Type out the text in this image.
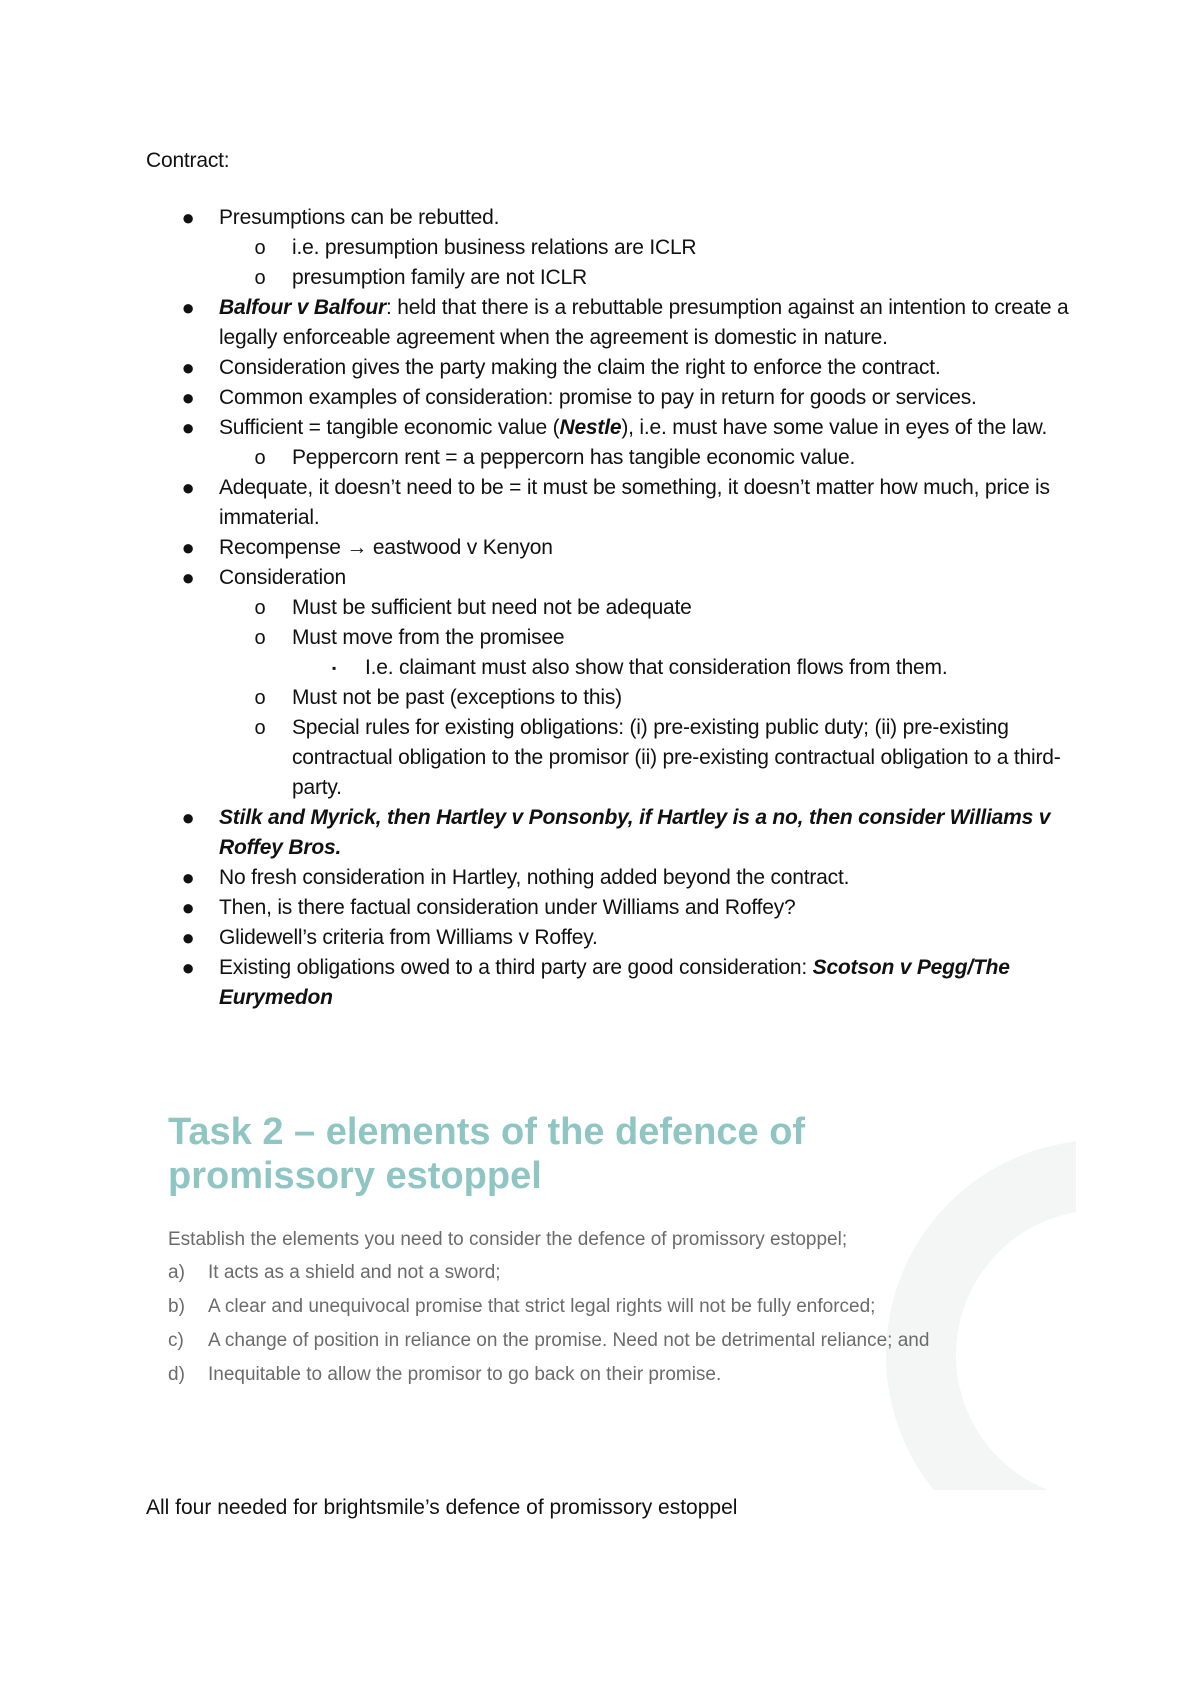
Contract:
● Presumptions can be rebutted.
o i.e. presumption business relations are ICLR
o presumption family are not ICLR
● Balfour v Balfour: held that there is a rebuttable presumption against an intention to create a legally enforceable agreement when the agreement is domestic in nature.
● Consideration gives the party making the claim the right to enforce the contract.
● Common examples of consideration: promise to pay in return for goods or services.
● Sufficient = tangible economic value (Nestle), i.e. must have some value in eyes of the law.
o Peppercorn rent = a peppercorn has tangible economic value.
● Adequate, it doesn’t need to be = it must be something, it doesn’t matter how much, price is immaterial.
● Recompense → eastwood v Kenyon
● Consideration
o Must be sufficient but need not be adequate
o Must move from the promisee
▪	I.e. claimant must also show that consideration flows from them.
o Must not be past (exceptions to this)
o Special rules for existing obligations: (i) pre-existing public duty; (ii) pre-existing contractual obligation to the promisor (ii) pre-existing contractual obligation to a third-party.
● Stilk and Myrick, then Hartley v Ponsonby, if Hartley is a no, then consider Williams v Roffey Bros.
● No fresh consideration in Hartley, nothing added beyond the contract.
● Then, is there factual consideration under Williams and Roffey?
● Glidewell’s criteria from Williams v Roffey.
● Existing obligations owed to a third party are good consideration: Scotson v Pegg/The Eurymedon
Task 2 – elements of the defence of promissory estoppel
Establish the elements you need to consider the defence of promissory estoppel;
a) It acts as a shield and not a sword;
b) A clear and unequivocal promise that strict legal rights will not be fully enforced;
c) A change of position in reliance on the promise. Need not be detrimental reliance; and
d) Inequitable to allow the promisor to go back on their promise.
All four needed for brightsmile’s defence of promissory estoppel
